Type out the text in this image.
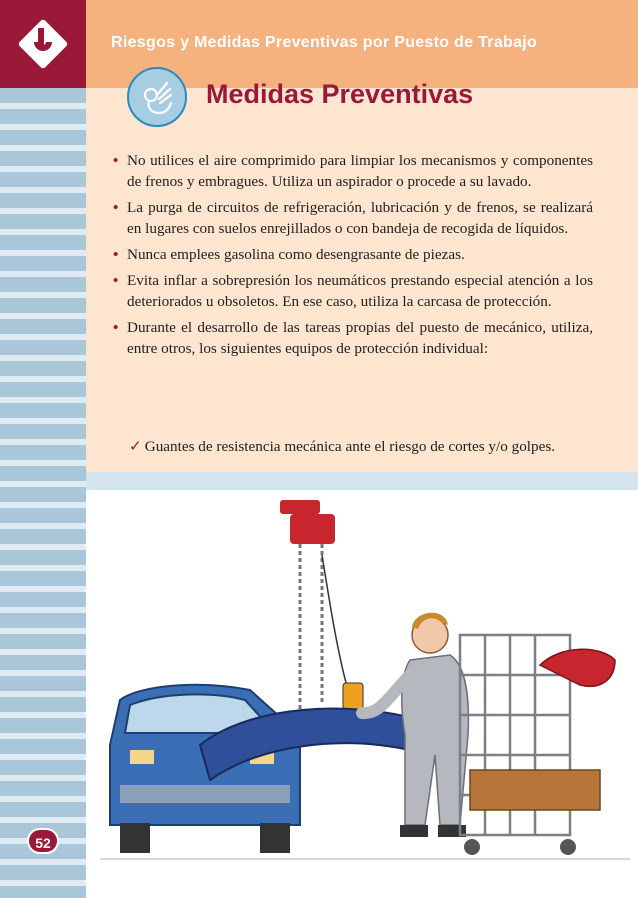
Riesgos y Medidas Preventivas por Puesto de Trabajo
Medidas Preventivas
• No utilices el aire comprimido para limpiar los mecanismos y componentes de frenos y embragues. Utiliza un aspirador o procede a su lavado.
• La purga de circuitos de refrigeración, lubricación y de frenos, se realizará en lugares con suelos enrejillados o con bandeja de recogida de líquidos.
• Nunca emplees gasolina como desengrasante de piezas.
• Evita inflar a sobrepresión los neumáticos prestando especial atención a los deteriorados u obsoletos. En ese caso, utiliza la carcasa de protección.
• Durante el desarrollo de las tareas propias del puesto de mecánico, utiliza, entre otros, los siguientes equipos de protección individual:
✓ Guantes de resistencia mecánica ante el riesgo de cortes y/o golpes.
52
